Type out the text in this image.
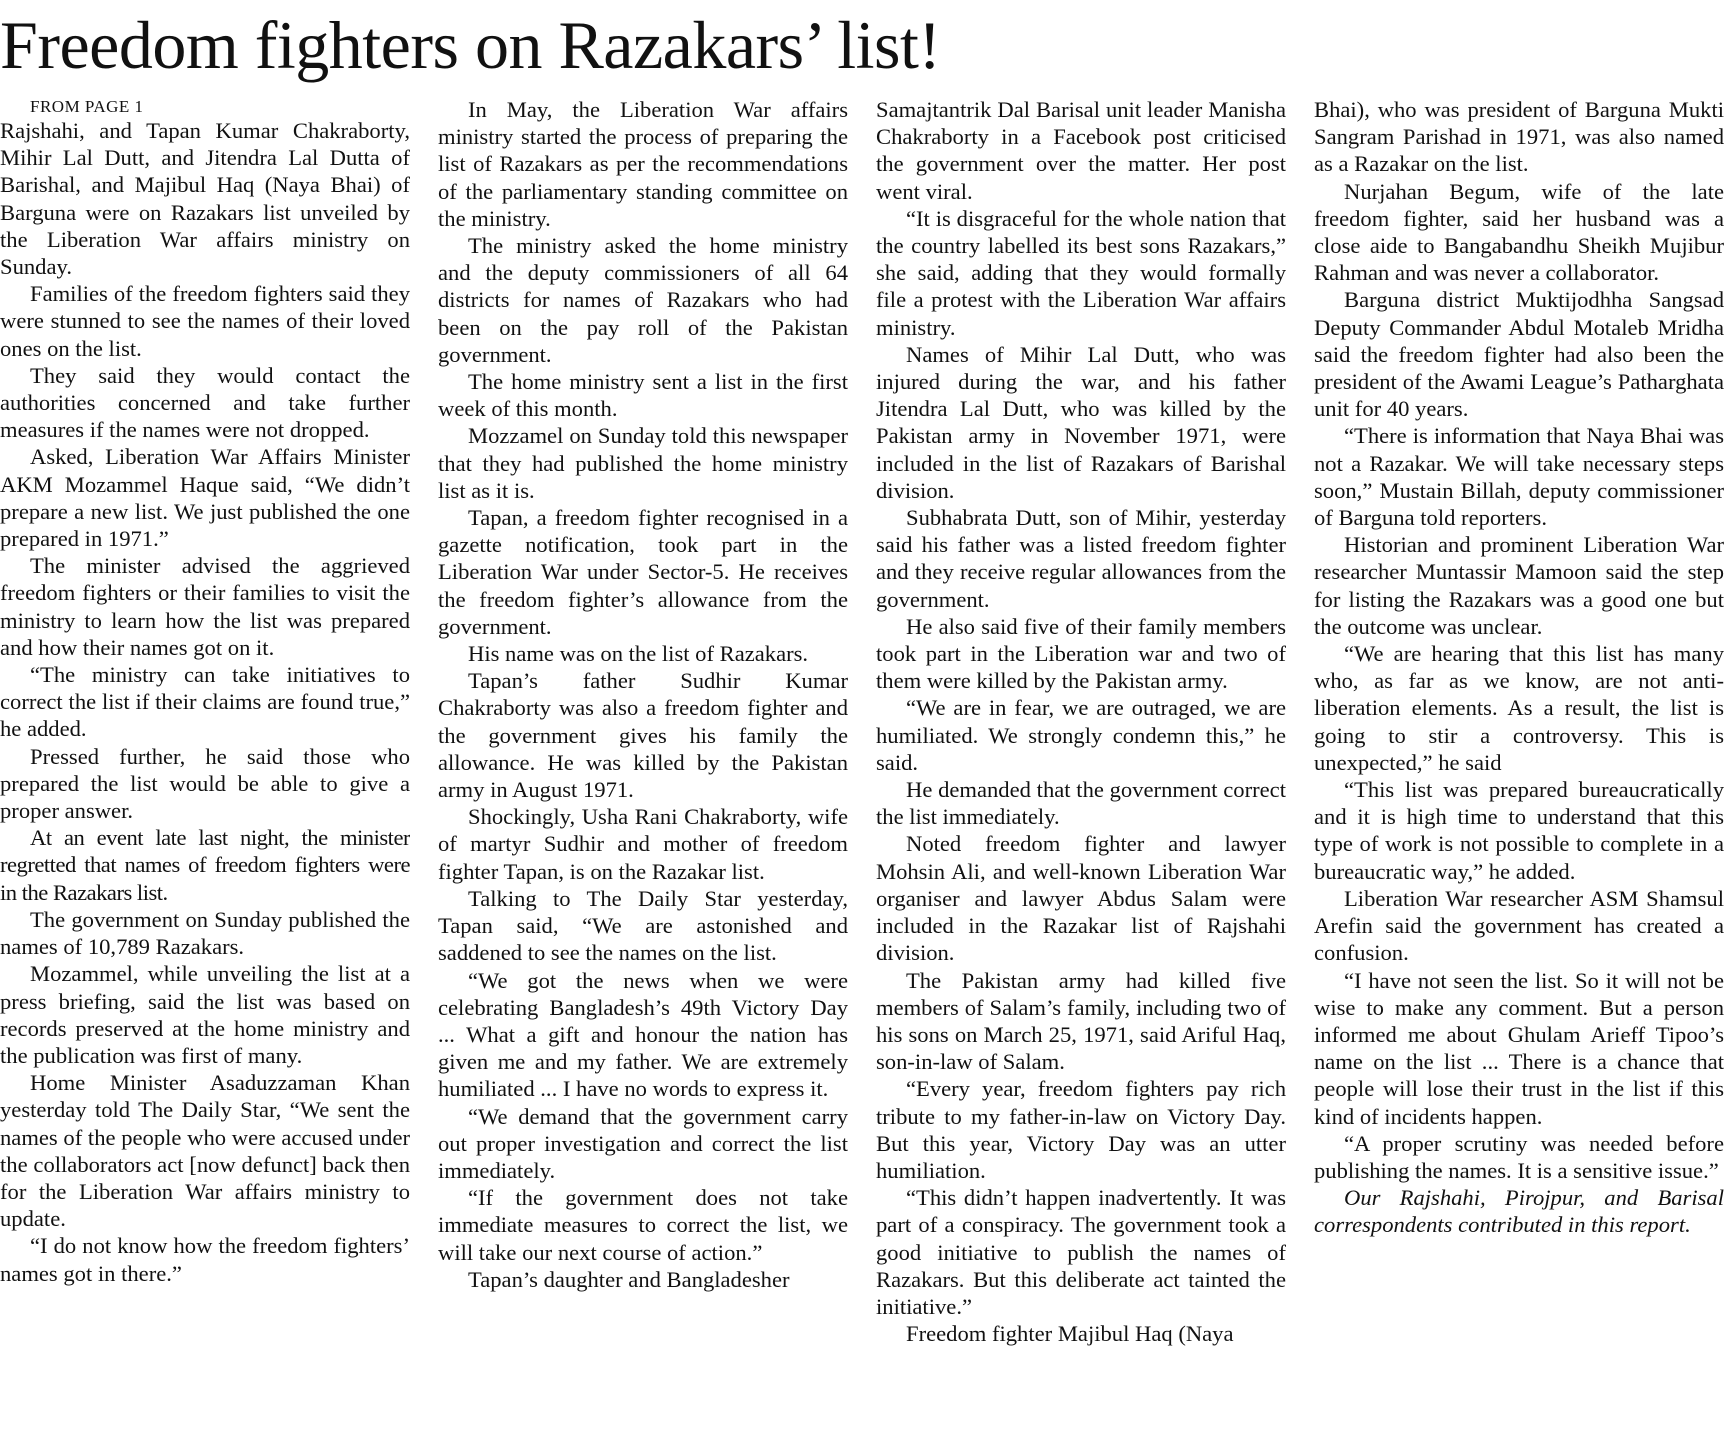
Freedom fighters on Razakars’ list!

FROM PAGE 1

Rajshahi, and Tapan Kumar Chakraborty, Mihir Lal Dutt, and Jitendra Lal Dutta of Barishal, and Majibul Haq (Naya Bhai) of Barguna were on Razakars list unveiled by the Liberation War affairs ministry on Sunday.

Families of the freedom fighters said they were stunned to see the names of their loved ones on the list.

They said they would contact the authorities concerned and take further measures if the names were not dropped.

Asked, Liberation War Affairs Minister AKM Mozammel Haque said, “We didn’t prepare a new list. We just published the one prepared in 1971.”

The minister advised the aggrieved freedom fighters or their families to visit the ministry to learn how the list was prepared and how their names got on it.

“The ministry can take initiatives to correct the list if their claims are found true,” he added.

Pressed further, he said those who prepared the list would be able to give a proper answer.

At an event late last night, the minister regretted that names of freedom fighters were in the Razakars list.

The government on Sunday published the names of 10,789 Razakars.

Mozammel, while unveiling the list at a press briefing, said the list was based on records preserved at the home ministry and the publication was first of many.

Home Minister Asaduzzaman Khan yesterday told The Daily Star, “We sent the names of the people who were accused under the collaborators act [now defunct] back then for the Liberation War affairs ministry to update.

“I do not know how the freedom fighters’ names got in there.”

In May, the Liberation War affairs ministry started the process of preparing the list of Razakars as per the recommendations of the parliamentary standing committee on the ministry.

The ministry asked the home ministry and the deputy commissioners of all 64 districts for names of Razakars who had been on the pay roll of the Pakistan government.

The home ministry sent a list in the first week of this month.

Mozzamel on Sunday told this newspaper that they had published the home ministry list as it is.

Tapan, a freedom fighter recognised in a gazette notification, took part in the Liberation War under Sector-5. He receives the freedom fighter’s allowance from the government.

His name was on the list of Razakars.

Tapan’s father Sudhir Kumar Chakraborty was also a freedom fighter and the government gives his family the allowance. He was killed by the Pakistan army in August 1971.

Shockingly, Usha Rani Chakraborty, wife of martyr Sudhir and mother of freedom fighter Tapan, is on the Razakar list.

Talking to The Daily Star yesterday, Tapan said, “We are astonished and saddened to see the names on the list.

“We got the news when we were celebrating Bangladesh’s 49th Victory Day ... What a gift and honour the nation has given me and my father. We are extremely humiliated ... I have no words to express it.

“We demand that the government carry out proper investigation and correct the list immediately.

“If the government does not take immediate measures to correct the list, we will take our next course of action.”

Tapan’s daughter and Bangladesher

Samajtantrik Dal Barisal unit leader Manisha Chakraborty in a Facebook post criticised the government over the matter. Her post went viral.

“It is disgraceful for the whole nation that the country labelled its best sons Razakars,” she said, adding that they would formally file a protest with the Liberation War affairs ministry.

Names of Mihir Lal Dutt, who was injured during the war, and his father Jitendra Lal Dutt, who was killed by the Pakistan army in November 1971, were included in the list of Razakars of Barishal division.

Subhabrata Dutt, son of Mihir, yesterday said his father was a listed freedom fighter and they receive regular allowances from the government.

He also said five of their family members took part in the Liberation war and two of them were killed by the Pakistan army.

“We are in fear, we are outraged, we are humiliated. We strongly condemn this,” he said.

He demanded that the government correct the list immediately.

Noted freedom fighter and lawyer Mohsin Ali, and well-known Liberation War organiser and lawyer Abdus Salam were included in the Razakar list of Rajshahi division.

The Pakistan army had killed five members of Salam’s family, including two of his sons on March 25, 1971, said Ariful Haq, son-in-law of Salam.

“Every year, freedom fighters pay rich tribute to my father-in-law on Victory Day. But this year, Victory Day was an utter humiliation.

“This didn’t happen inadvertently. It was part of a conspiracy. The government took a good initiative to publish the names of Razakars. But this deliberate act tainted the initiative.”

Freedom fighter Majibul Haq (Naya

Bhai), who was president of Barguna Mukti Sangram Parishad in 1971, was also named as a Razakar on the list.

Nurjahan Begum, wife of the late freedom fighter, said her husband was a close aide to Bangabandhu Sheikh Mujibur Rahman and was never a collaborator.

Barguna district Muktijodhha Sangsad Deputy Commander Abdul Motaleb Mridha said the freedom fighter had also been the president of the Awami League’s Patharghata unit for 40 years.

“There is information that Naya Bhai was not a Razakar. We will take necessary steps soon,” Mustain Billah, deputy commissioner of Barguna told reporters.

Historian and prominent Liberation War researcher Muntassir Mamoon said the step for listing the Razakars was a good one but the outcome was unclear.

“We are hearing that this list has many who, as far as we know, are not anti-liberation elements. As a result, the list is going to stir a controversy. This is unexpected,” he said

“This list was prepared bureaucratically and it is high time to understand that this type of work is not possible to complete in a bureaucratic way,” he added.

Liberation War researcher ASM Shamsul Arefin said the government has created a confusion.

“I have not seen the list. So it will not be wise to make any comment. But a person informed me about Ghulam Arieff Tipoo’s name on the list ... There is a chance that people will lose their trust in the list if this kind of incidents happen.

“A proper scrutiny was needed before publishing the names. It is a sensitive issue.”

Our Rajshahi, Pirojpur, and Barisal correspondents contributed in this report.
